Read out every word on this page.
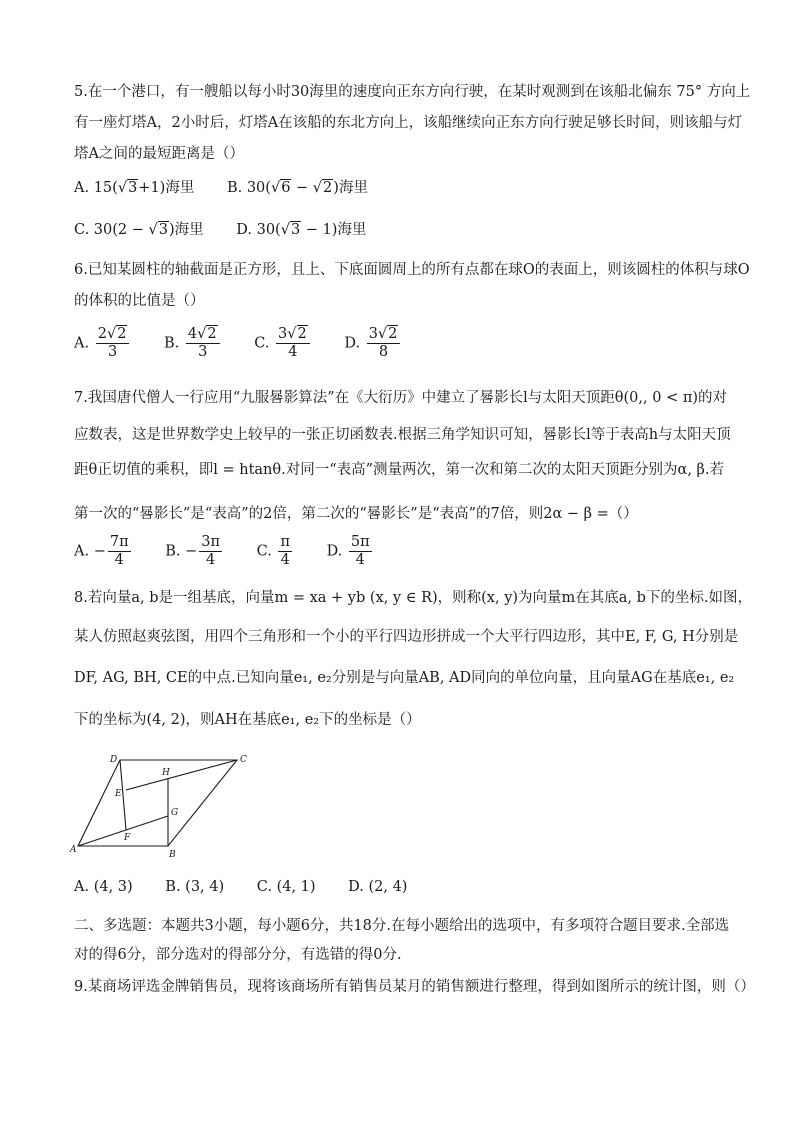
5.在一个港口，有一艘船以每小时30海里的速度向正东方向行驶，在某时观测到在该船北偏东 75° 方向上
有一座灯塔A，2小时后，灯塔A在该船的东北方向上，该船继续向正东方向行驶足够长时间，则该船与灯
塔A之间的最短距离是（）
A. 15(√3+1)海里 B. 30(√6 − √2)海里
C. 30(2 − √3)海里 D. 30(√3 − 1)海里
6.已知某圆柱的轴截面是正方形，且上、下底面圆周上的所有点都在球O的表面上，则该圆柱的体积与球O
的体积的比值是（）
A. $\frac{2√2}{3} B$. $\frac{4√2}{3} C$. $\frac{3√2}{4} D$. $\frac{3√2}{8}$
7.我国唐代僧人一行应用“九服晷影算法”在《大衍历》中建立了晷影长l与太阳天顶距θ(0,, 0 < π)的对
应数表，这是世界数学史上较早的一张正切函数表.根据三角学知识可知，晷影长l等于表高h与太阳天顶
距θ正切值的乘积，即l = htanθ.对同一“表高”测量两次，第一次和第二次的太阳天顶距分别为α, β.若
第一次的“晷影长”是“表高”的2倍，第二次的“晷影长”是“表高”的7倍，则2α − β =（）
A. − $\frac{7\pi}{4} B$. − $\frac{3\pi}{4} C$. $\frac{\pi}{4} D$. $\frac{5\pi}{4}$
8.若向量a, b是一组基底，向量m = xa + yb (x, y ∈ R)，则称(x, y)为向量m在其底a, b下的坐标.如图，
某人仿照赵爽弦图，用四个三角形和一个小的平行四边形拼成一个大平行四边形，其中E, F, G, H分别是
DF, AG, BH, CE的中点.已知向量e₁, e₂分别是与向量AB, AD同向的单位向量，且向量AG在基底e₁, e₂
下的坐标为(4, 2)，则AH在基底e₁, e₂下的坐标是（）
D	C
H
E
G
F
A	B
A. (4, 3) B. (3, 4) C. (4, 1) D. (2, 4)
二、多选题：本题共3小题，每小题6分，共18分.在每小题给出的选项中，有多项符合题目要求.全部选
对的得6分，部分选对的得部分分，有选错的得0分.
9.某商场评选金牌销售员，现将该商场所有销售员某月的销售额进行整理，得到如图所示的统计图，则（）
